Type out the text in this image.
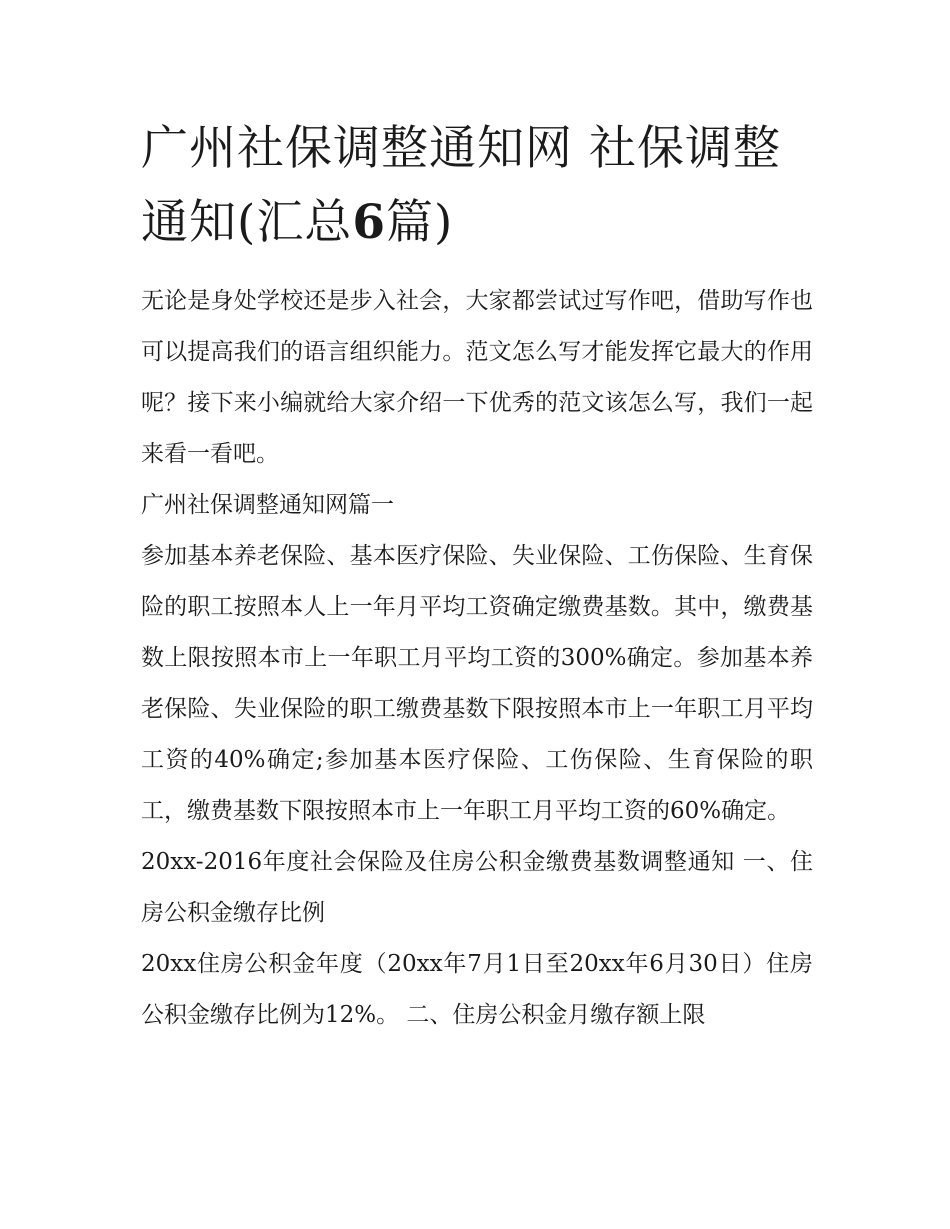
广州社保调整通知网 社保调整通知(汇总6篇)

无论是身处学校还是步入社会，大家都尝试过写作吧，借助写作也可以提高我们的语言组织能力。范文怎么写才能发挥它最大的作用呢？接下来小编就给大家介绍一下优秀的范文该怎么写，我们一起来看一看吧。

广州社保调整通知网篇一

参加基本养老保险、基本医疗保险、失业保险、工伤保险、生育保险的职工按照本人上一年月平均工资确定缴费基数。其中，缴费基数上限按照本市上一年职工月平均工资的300%确定。参加基本养老保险、失业保险的职工缴费基数下限按照本市上一年职工月平均工资的40%确定;参加基本医疗保险、工伤保险、生育保险的职工，缴费基数下限按照本市上一年职工月平均工资的60%确定。

20xx-2016年度社会保险及住房公积金缴费基数调整通知 一、住房公积金缴存比例

20xx住房公积金年度（20xx年7月1日至20xx年6月30日）住房公积金缴存比例为12%。 二、住房公积金月缴存额上限
